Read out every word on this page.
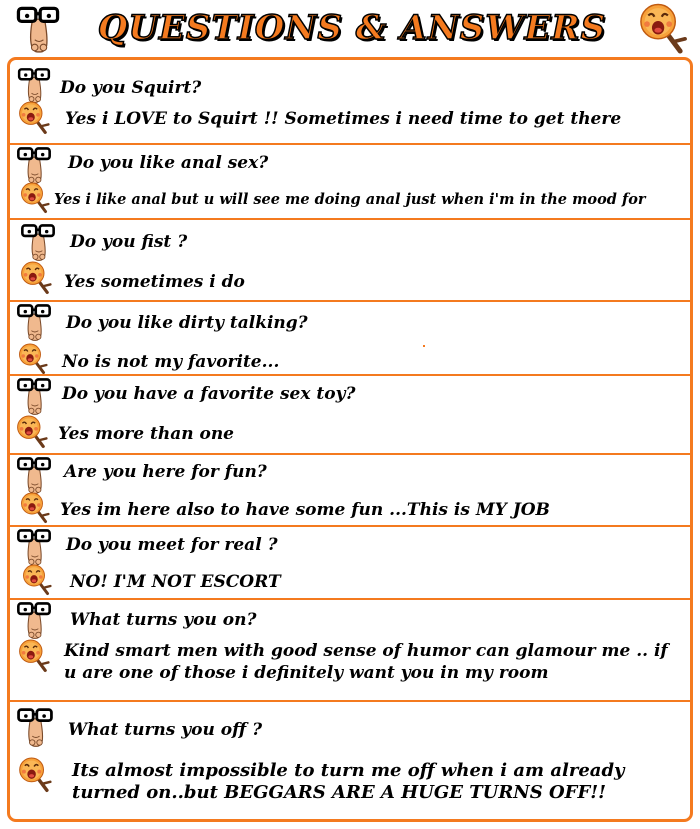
QUESTIONS & ANSWERS
Do you Squirt?
Yes i LOVE to Squirt !! Sometimes i need time to get there
Do you like anal sex?
Yes i like anal but u will see me doing anal just when i'm in the mood for
Do you fist ?
Yes sometimes i do
Do you like dirty talking?
No is not my favorite...
Do you have a favorite sex toy?
Yes more than one
Are you here for fun?
Yes im here also to have some fun ...This is MY JOB
Do you meet for real ?
NO! I'M NOT ESCORT
What turns you on?
Kind smart men with good sense of humor can glamour me .. if u are one of those i definitely want you in my room
What turns you off ?
Its almost impossible to turn me off when i am already turned on..but BEGGARS ARE A HUGE TURNS OFF!!
